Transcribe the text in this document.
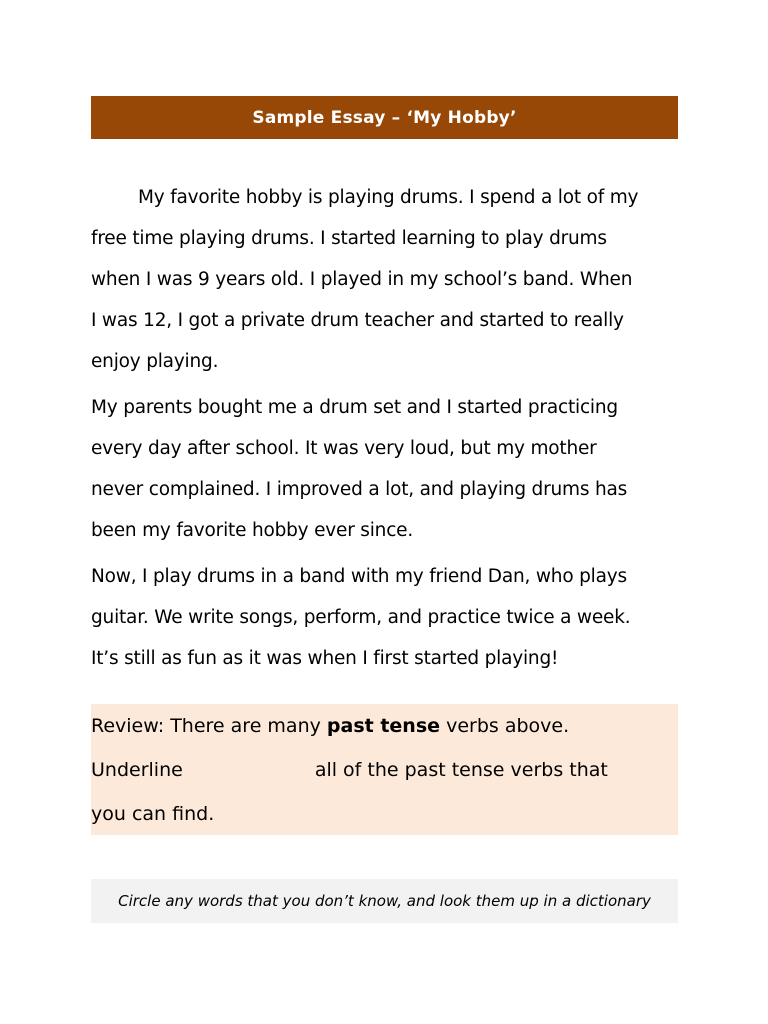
Sample Essay – ‘My Hobby’

My favorite hobby is playing drums. I spend a lot of my
free time playing drums. I started learning to play drums
when I was 9 years old. I played in my school’s band. When
I was 12, I got a private drum teacher and started to really
enjoy playing.

My parents bought me a drum set and I started practicing
every day after school. It was very loud, but my mother
never complained. I improved a lot, and playing drums has
been my favorite hobby ever since.

Now, I play drums in a band with my friend Dan, who plays
guitar. We write songs, perform, and practice twice a week.
It’s still as fun as it was when I first started playing!

Review: There are many past tense verbs above.
Underline	all of the past tense verbs that
you can find.
Circle any words that you don’t know, and look them up in a dictionary
